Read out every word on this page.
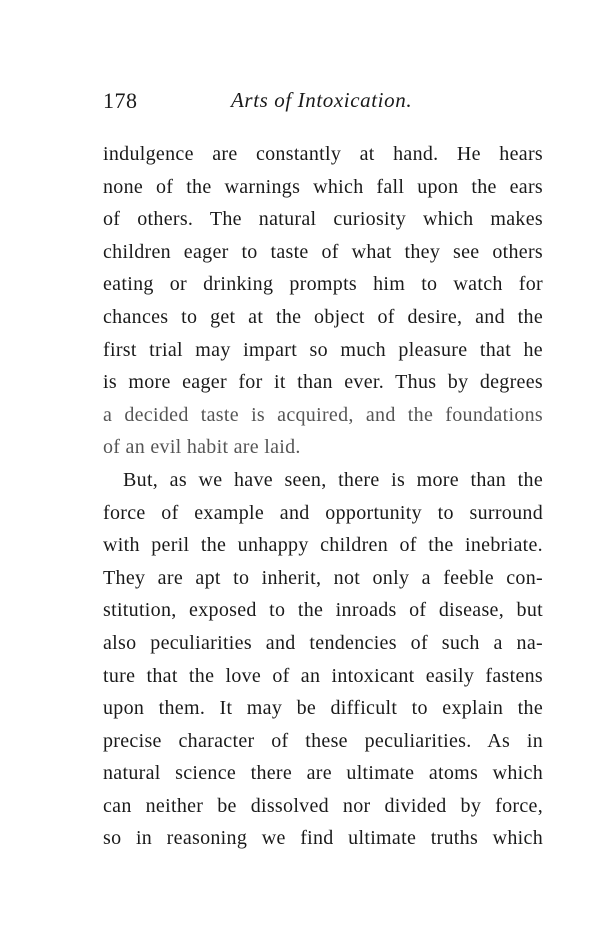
178	Arts of Intoxication.
indulgence are constantly at hand. He hears
none of the warnings which fall upon the ears
of others. The natural curiosity which makes
children eager to taste of what they see others
eating or drinking prompts him to watch for
chances to get at the object of desire, and the
first trial may impart so much pleasure that he
is more eager for it than ever. Thus by degrees
a decided taste is acquired, and the foundations
of an evil habit are laid.
But, as we have seen, there is more than the
force of example and opportunity to surround
with peril the unhappy children of the inebriate.
They are apt to inherit, not only a feeble con-
stitution, exposed to the inroads of disease, but
also peculiarities and tendencies of such a na-
ture that the love of an intoxicant easily fastens
upon them. It may be difficult to explain the
precise character of these peculiarities. As in
natural science there are ultimate atoms which
can neither be dissolved nor divided by force,
so in reasoning we find ultimate truths which
